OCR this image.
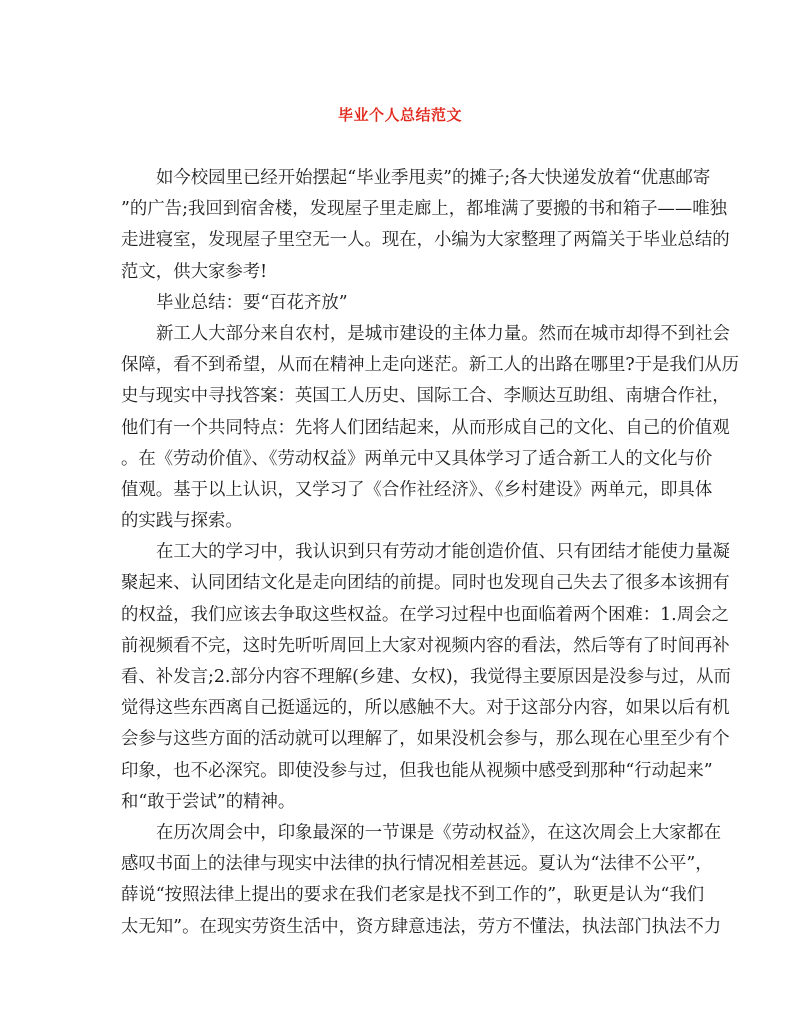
毕业个人总结范文
如今校园里已经开始摆起“毕业季甩卖”的摊子;各大快递发放着“优惠邮寄
”的广告;我回到宿舍楼，发现屋子里走廊上，都堆满了要搬的书和箱子——唯独
走进寝室，发现屋子里空无一人。现在，小编为大家整理了两篇关于毕业总结的
范文，供大家参考!
毕业总结：要“百花齐放”
新工人大部分来自农村，是城市建设的主体力量。然而在城市却得不到社会
保障，看不到希望，从而在精神上走向迷茫。新工人的出路在哪里?于是我们从历
史与现实中寻找答案：英国工人历史、国际工合、李顺达互助组、南塘合作社，
他们有一个共同特点：先将人们团结起来，从而形成自己的文化、自己的价值观
。在《劳动价值》、《劳动权益》两单元中又具体学习了适合新工人的文化与价
值观。基于以上认识，又学习了《合作社经济》、《乡村建设》两单元，即具体
的实践与探索。
在工大的学习中，我认识到只有劳动才能创造价值、只有团结才能使力量凝
聚起来、认同团结文化是走向团结的前提。同时也发现自己失去了很多本该拥有
的权益，我们应该去争取这些权益。在学习过程中也面临着两个困难：1.周会之
前视频看不完，这时先听听周回上大家对视频内容的看法，然后等有了时间再补
看、补发言;2.部分内容不理解(乡建、女权)，我觉得主要原因是没参与过，从而
觉得这些东西离自己挺遥远的，所以感触不大。对于这部分内容，如果以后有机
会参与这些方面的活动就可以理解了，如果没机会参与，那么现在心里至少有个
印象，也不必深究。即使没参与过，但我也能从视频中感受到那种“行动起来”
和“敢于尝试”的精神。
在历次周会中，印象最深的一节课是《劳动权益》，在这次周会上大家都在
感叹书面上的法律与现实中法律的执行情况相差甚远。夏认为“法律不公平”，
薛说“按照法律上提出的要求在我们老家是找不到工作的”，耿更是认为“我们
太无知”。在现实劳资生活中，资方肆意违法，劳方不懂法，执法部门执法不力
